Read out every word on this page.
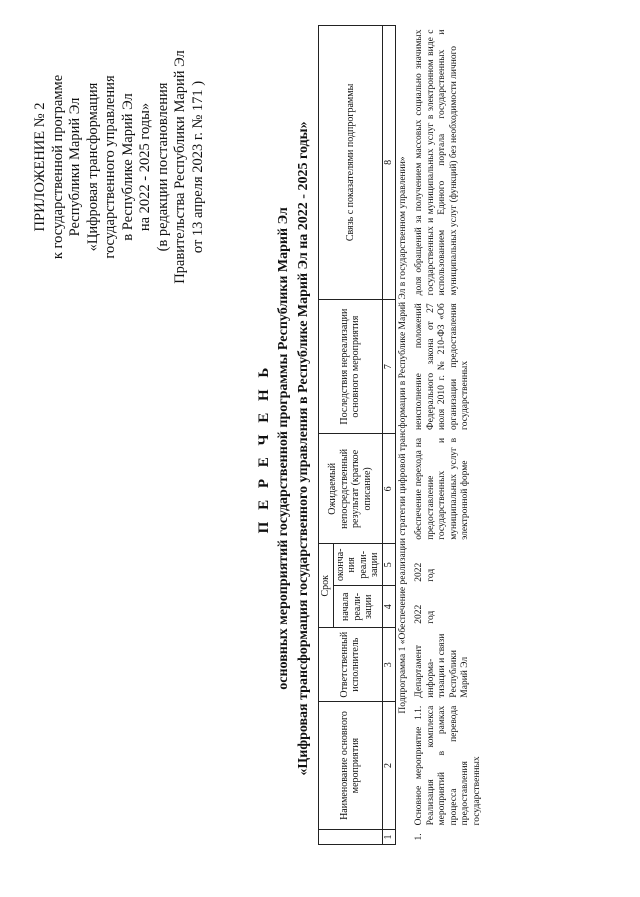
ПРИЛОЖЕНИЕ № 2 к государственной программе Республики Марий Эл «Цифровая трансформация государственного управления в Республике Марий Эл на 2022 - 2025 годы» (в редакции постановления Правительства Республики Марий Эл от 13 апреля 2023 г. № 171 )
П Е Р Е Ч Е Н Ь основных мероприятий государственной программы Республики Марий Эл «Цифровая трансформация государственного управления в Республике Марий Эл на 2022 - 2025 годы»
		Наименование основного мероприятия	Ответственный исполнитель	Срок		Ожидаемый непосредственный результат (краткое описание)	Последствия нереализации основного мероприятия	Связь с показателями подпрограммы
			начала реали-зации	оконча-ния реали-зации			
1	2	3	4	5	6	7	8
Подпрограмма 1 «Обеспечение реализации стратегии цифровой трансформации в Республике Марий Эл в государственном управлении»							
1.	Основное мероприятие 1.1. Реализация комплекса мероприятий в рамках процесса перевода предоставления государственных	Департамент информа-тизации и связи Республики Марий Эл	2022 год	2022 год	обеспечение перехода на предоставление государственных и муниципальных услуг в электронной форме	неисполнение положений Федерального закона от 27 июля 2010 г. № 210-ФЗ «Об организации предоставления государственных	доля обращений за получением массовых социально значимых государственных и муниципальных услуг в электронном виде с использованием Единого портала государственных и муниципальных услуг (функций) без необходимости личного
